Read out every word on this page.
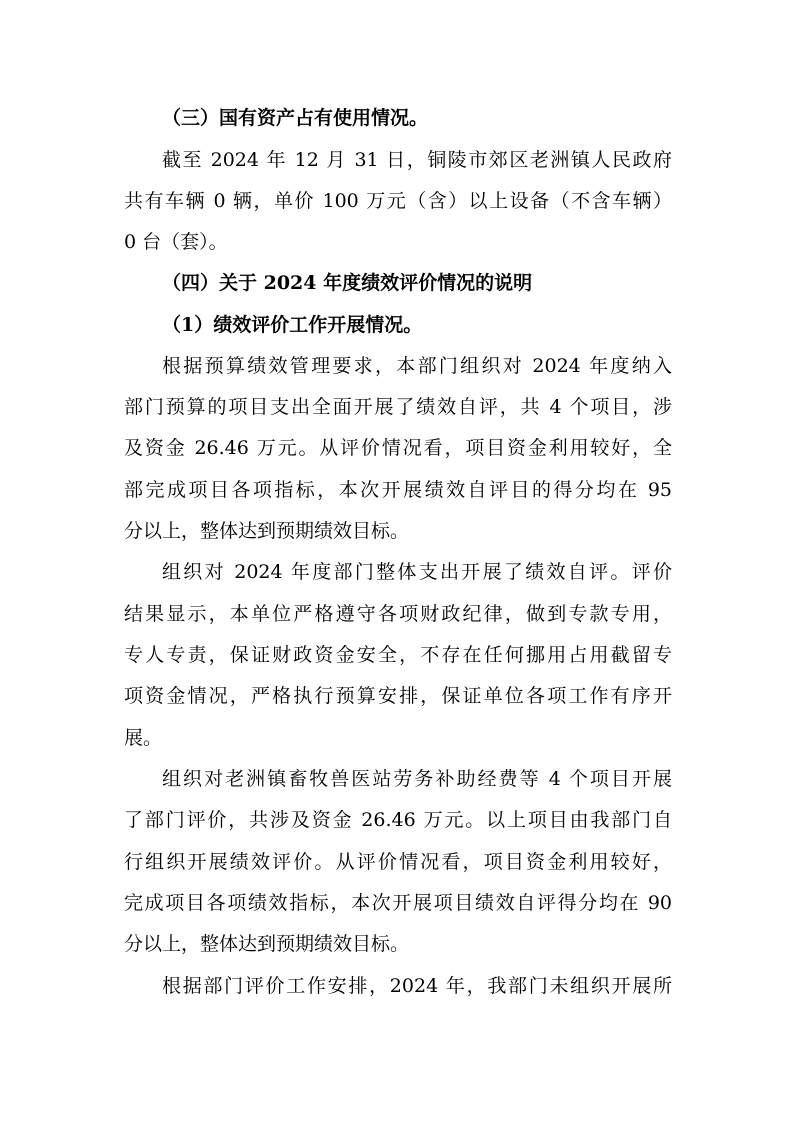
（三）国有资产占有使用情况。
截至 2024 年 12 月 31 日，铜陵市郊区老洲镇人民政府
共有车辆 0 辆，单价 100 万元（含）以上设备（不含车辆）
0 台（套）。
（四）关于 2024 年度绩效评价情况的说明
（1）绩效评价工作开展情况。
根据预算绩效管理要求，本部门组织对 2024 年度纳入
部门预算的项目支出全面开展了绩效自评，共 4 个项目，涉
及资金 26.46 万元。从评价情况看，项目资金利用较好，全
部完成项目各项指标，本次开展绩效自评目的得分均在 95
分以上，整体达到预期绩效目标。
组织对 2024 年度部门整体支出开展了绩效自评。评价
结果显示，本单位严格遵守各项财政纪律，做到专款专用，
专人专责，保证财政资金安全，不存在任何挪用占用截留专
项资金情况，严格执行预算安排，保证单位各项工作有序开
展。
组织对老洲镇畜牧兽医站劳务补助经费等 4 个项目开展
了部门评价，共涉及资金 26.46 万元。以上项目由我部门自
行组织开展绩效评价。从评价情况看，项目资金利用较好，
完成项目各项绩效指标，本次开展项目绩效自评得分均在 90
分以上，整体达到预期绩效目标。
根据部门评价工作安排，2024 年，我部门未组织开展所
